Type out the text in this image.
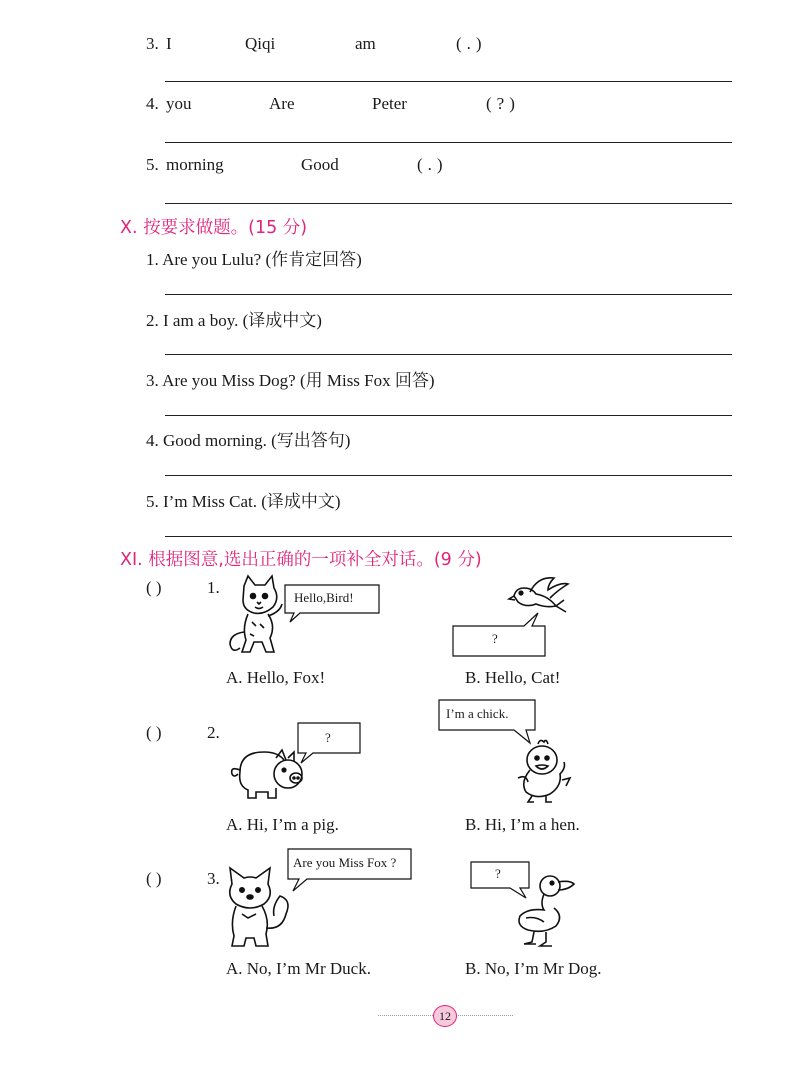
3. I	Qiqi	am	(.)
4. you	Are	Peter	(?)
5. morning	Good	(.)
X. 按要求做题。(15 分)
1. Are you Lulu? (作肯定回答)
2. I am a boy. (译成中文)
3. Are you Miss Dog? (用 Miss Fox 回答)
4. Good morning. (写出答句)
5. I’m Miss Cat. (译成中文)
XI. 根据图意,选出正确的一项补全对话。(9 分)
( )	1.
Hello,Bird!
?
A. Hello, Fox!	B. Hello, Cat!
( )	2.	?
I’m a chick.
A. Hi, I’m a pig.	B. Hi, I’m a hen.
( )	3.
Are you Miss Fox ?
?
A. No, I’m Mr Duck.	B. No, I’m Mr Dog.
12
